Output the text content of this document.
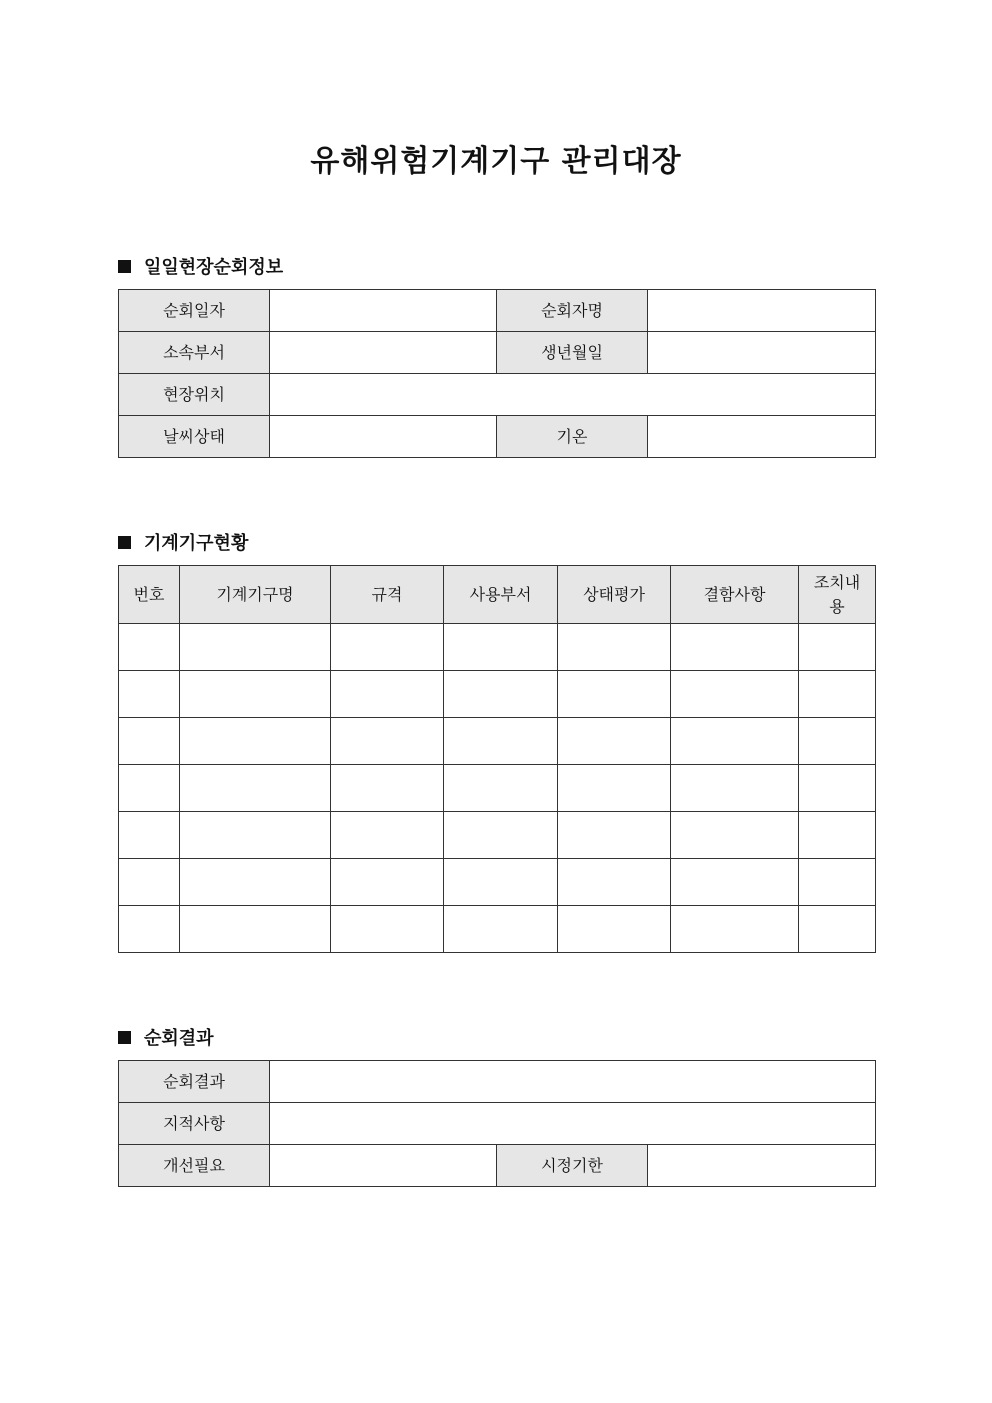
유해위험기계기구 관리대장
일일현장순회정보
순회일자		순회자명	
소속부서		생년월일	
현장위치			
날씨상태		기온	
기계기구현황
번호	기계기구명	규격	사용부서	상태평가	결함사항	조치내용

순회결과
순회결과			
지적사항			
개선필요		시정기한	
